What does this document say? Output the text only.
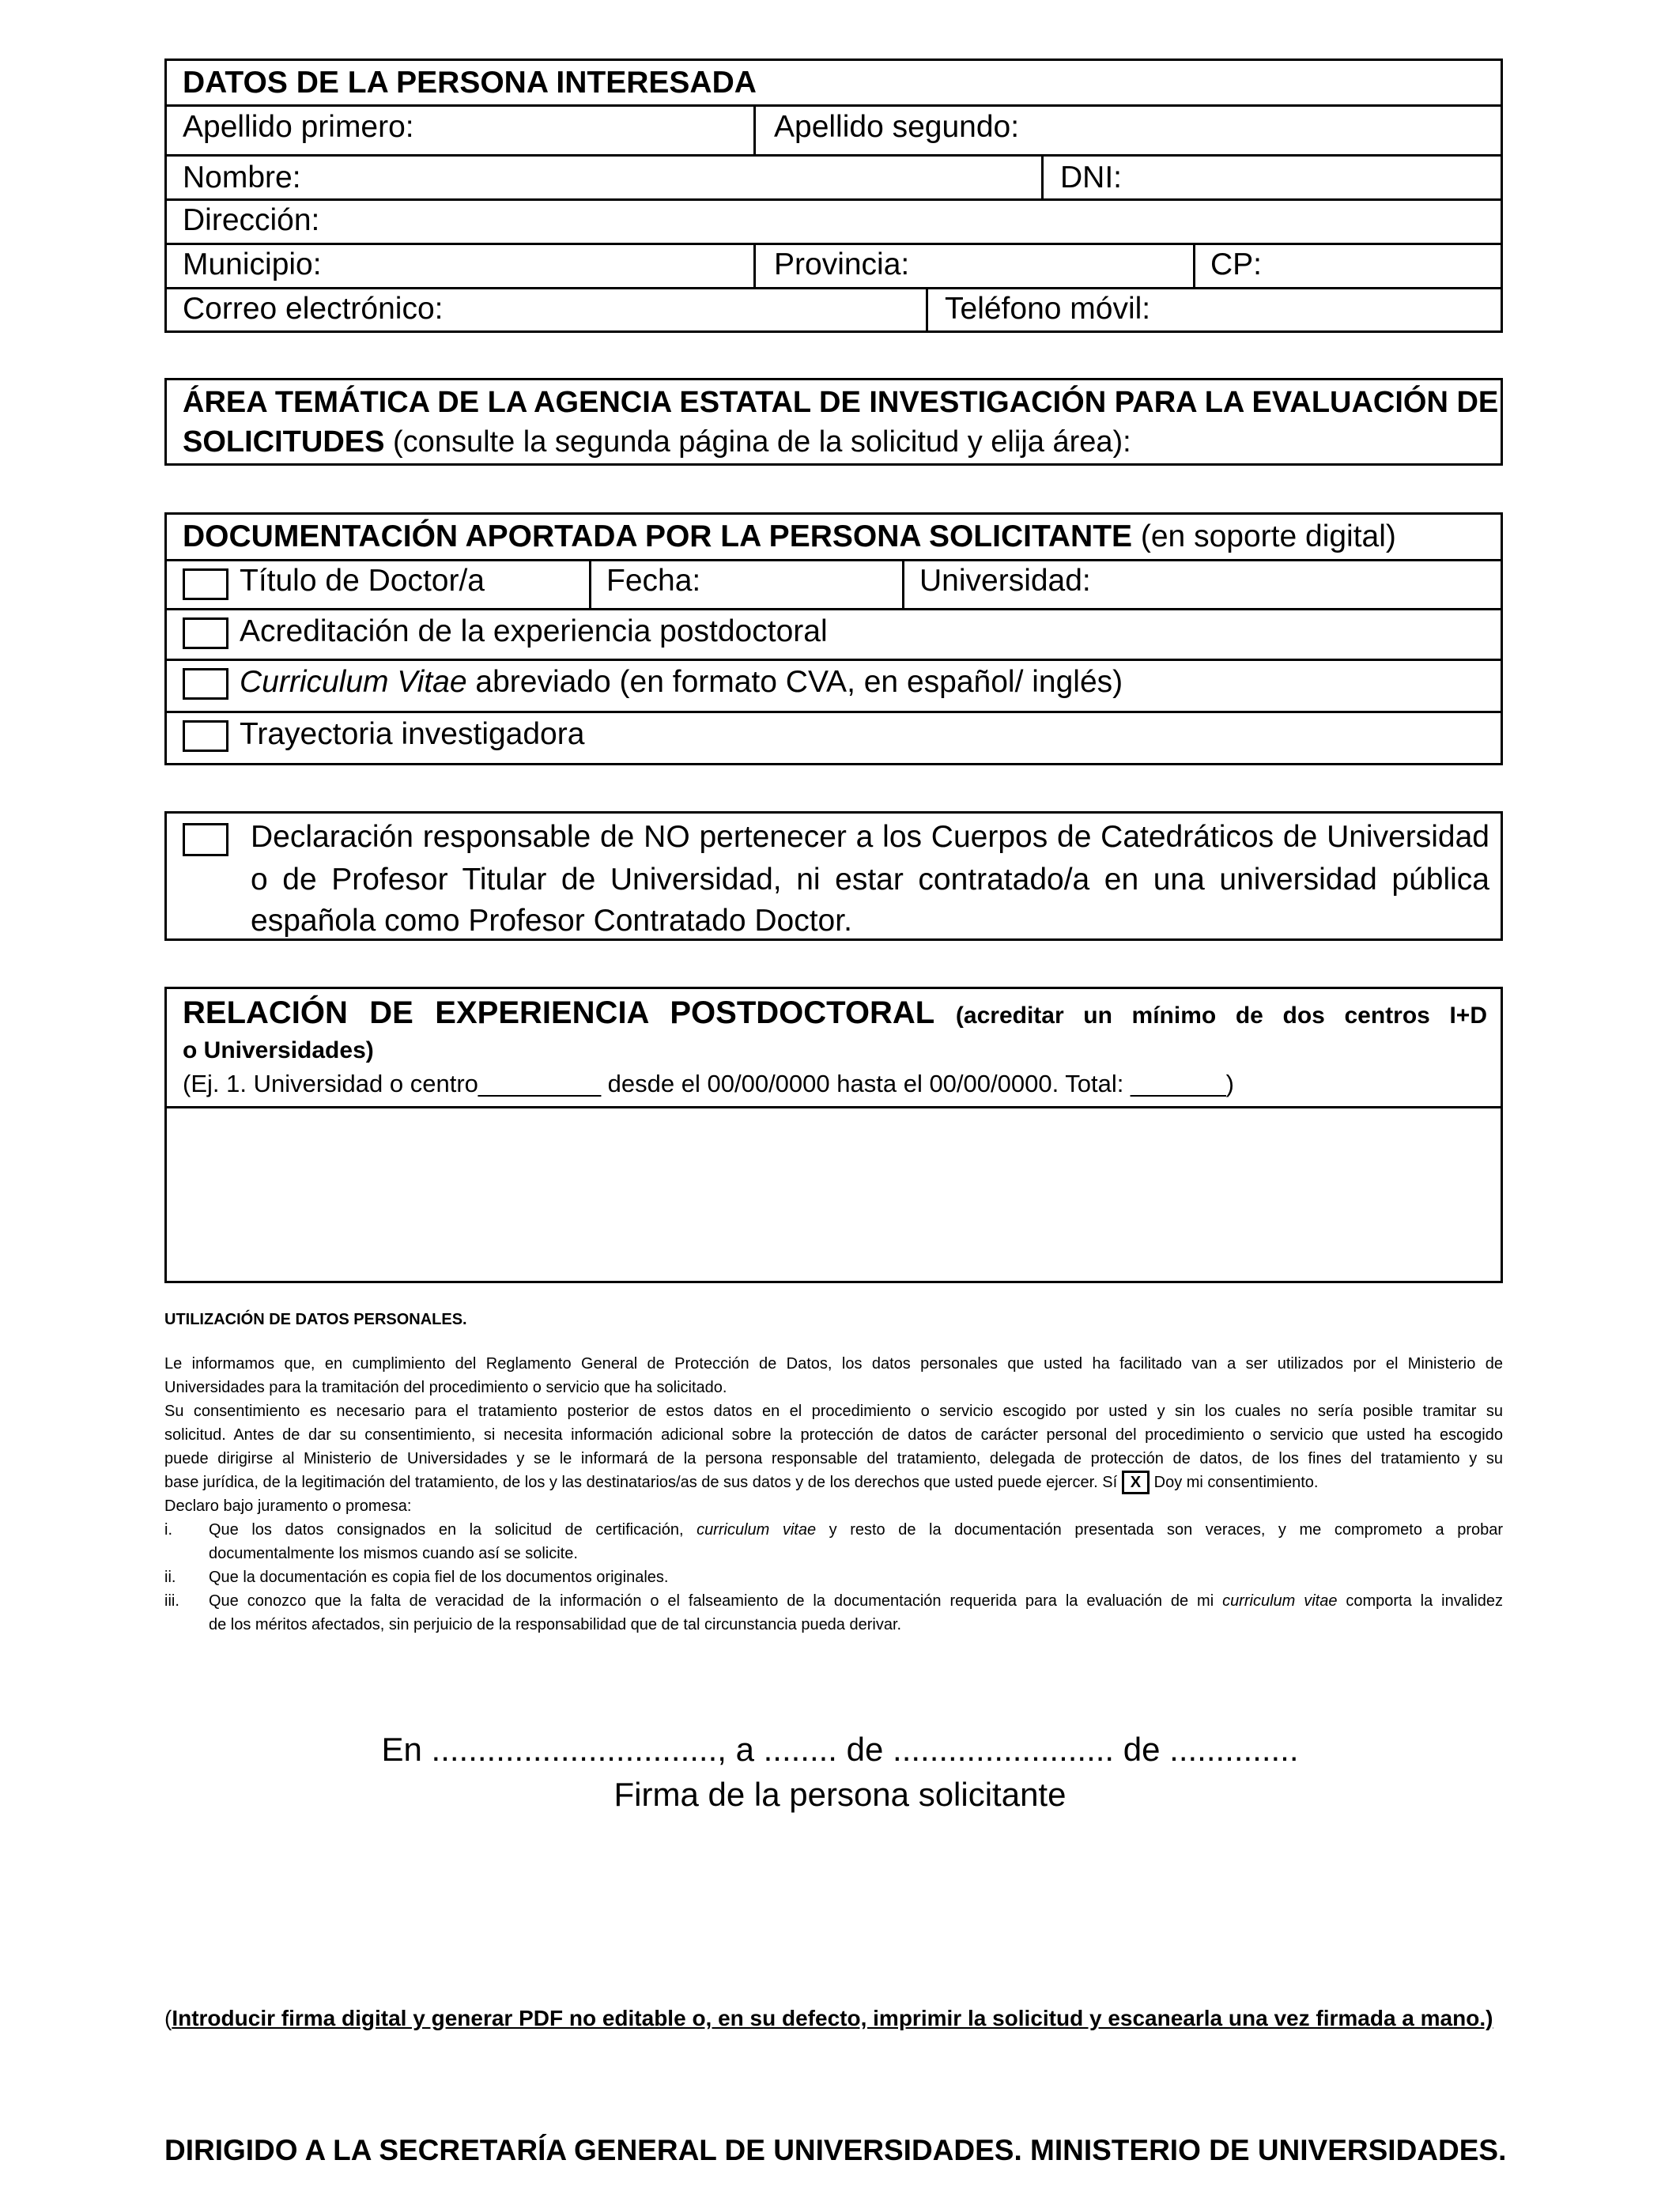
DATOS DE LA PERSONA INTERESADA
Apellido primero:	Apellido segundo:
Nombre:	DNI:
Dirección:
Municipio:	Provincia:	CP:
Correo electrónico:	Teléfono móvil:
ÁREA TEMÁTICA DE LA AGENCIA ESTATAL DE INVESTIGACIÓN PARA LA EVALUACIÓN DE
SOLICITUDES (consulte la segunda página de la solicitud y elija área):
DOCUMENTACIÓN APORTADA POR LA PERSONA SOLICITANTE (en soporte digital)
Título de Doctor/a	Fecha:	Universidad:
Acreditación de la experiencia postdoctoral
Curriculum Vitae abreviado (en formato CVA, en español/ inglés)
Trayectoria investigadora
Declaración responsable de NO pertenecer a los Cuerpos de Catedráticos de Universidad
o de Profesor Titular de Universidad, ni estar contratado/a en una universidad pública
española como Profesor Contratado Doctor.
RELACIÓN DE EXPERIENCIA POSTDOCTORAL (acreditar un mínimo de dos centros I+D
o Universidades)
(Ej. 1. Universidad o centro_________ desde el 00/00/0000 hasta el 00/00/0000. Total: _______)
UTILIZACIÓN DE DATOS PERSONALES.
Le informamos que, en cumplimiento del Reglamento General de Protección de Datos, los datos personales que usted ha facilitado van a ser utilizados por el Ministerio de
Universidades para la tramitación del procedimiento o servicio que ha solicitado.
Su consentimiento es necesario para el tratamiento posterior de estos datos en el procedimiento o servicio escogido por usted y sin los cuales no sería posible tramitar su
solicitud. Antes de dar su consentimiento, si necesita información adicional sobre la protección de datos de carácter personal del procedimiento o servicio que usted ha escogido
puede dirigirse al Ministerio de Universidades y se le informará de la persona responsable del tratamiento, delegada de protección de datos, de los fines del tratamiento y su
base jurídica, de la legitimación del tratamiento, de los y las destinatarios/as de sus datos y de los derechos que usted puede ejercer. Sí X Doy mi consentimiento.
Declaro bajo juramento o promesa:
i. Que los datos consignados en la solicitud de certificación, curriculum vitae y resto de la documentación presentada son veraces, y me comprometo a probar
documentalmente los mismos cuando así se solicite.
ii. Que la documentación es copia fiel de los documentos originales.
iii. Que conozco que la falta de veracidad de la información o el falseamiento de la documentación requerida para la evaluación de mi curriculum vitae comporta la invalidez
de los méritos afectados, sin perjuicio de la responsabilidad que de tal circunstancia pueda derivar.
En ..............................., a ........ de ........................ de ..............
Firma de la persona solicitante
(Introducir firma digital y generar PDF no editable o, en su defecto, imprimir la solicitud y escanearla una vez firmada a mano.)
DIRIGIDO A LA SECRETARÍA GENERAL DE UNIVERSIDADES. MINISTERIO DE UNIVERSIDADES.
